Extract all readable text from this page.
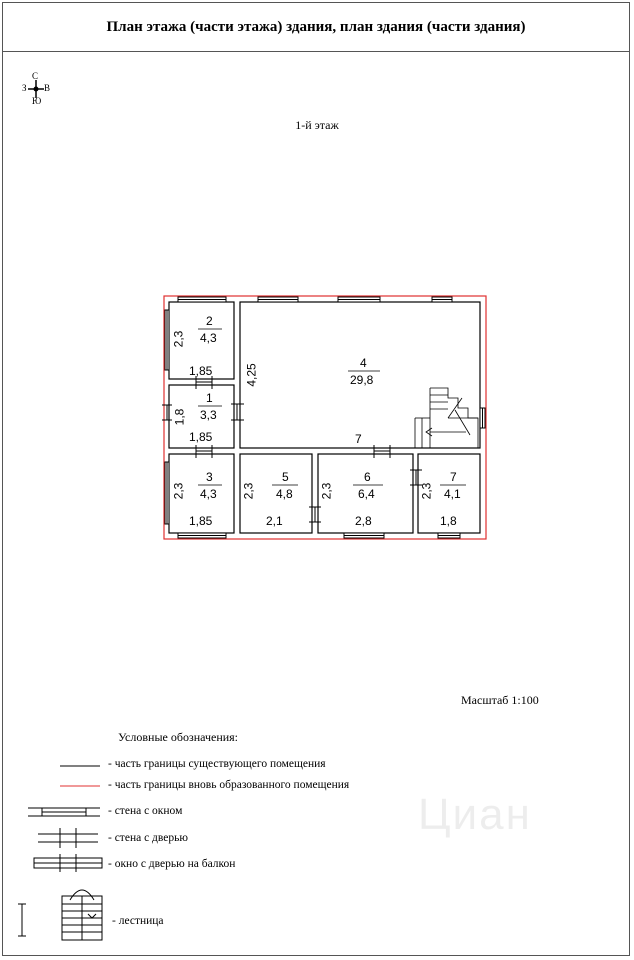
План этажа (части этажа) здания, план здания (части здания)
С
З В
Ю
1-й этаж
2
4,3
1
3,3
3
4,3
4
29,8
5
4,8
6
6,4
7
4,1
2,3
1,85
1,8
1,85
2,3
1,85
4,25
7
2,3
2,1
2,3
2,8
2,3
1,8
Масштаб 1:100
Условные обозначения:
- часть границы существующего помещения
- часть границы вновь образованного помещения
- стена с окном
- стена с дверью
- окно с дверью на балкон
- лестница
Циан
